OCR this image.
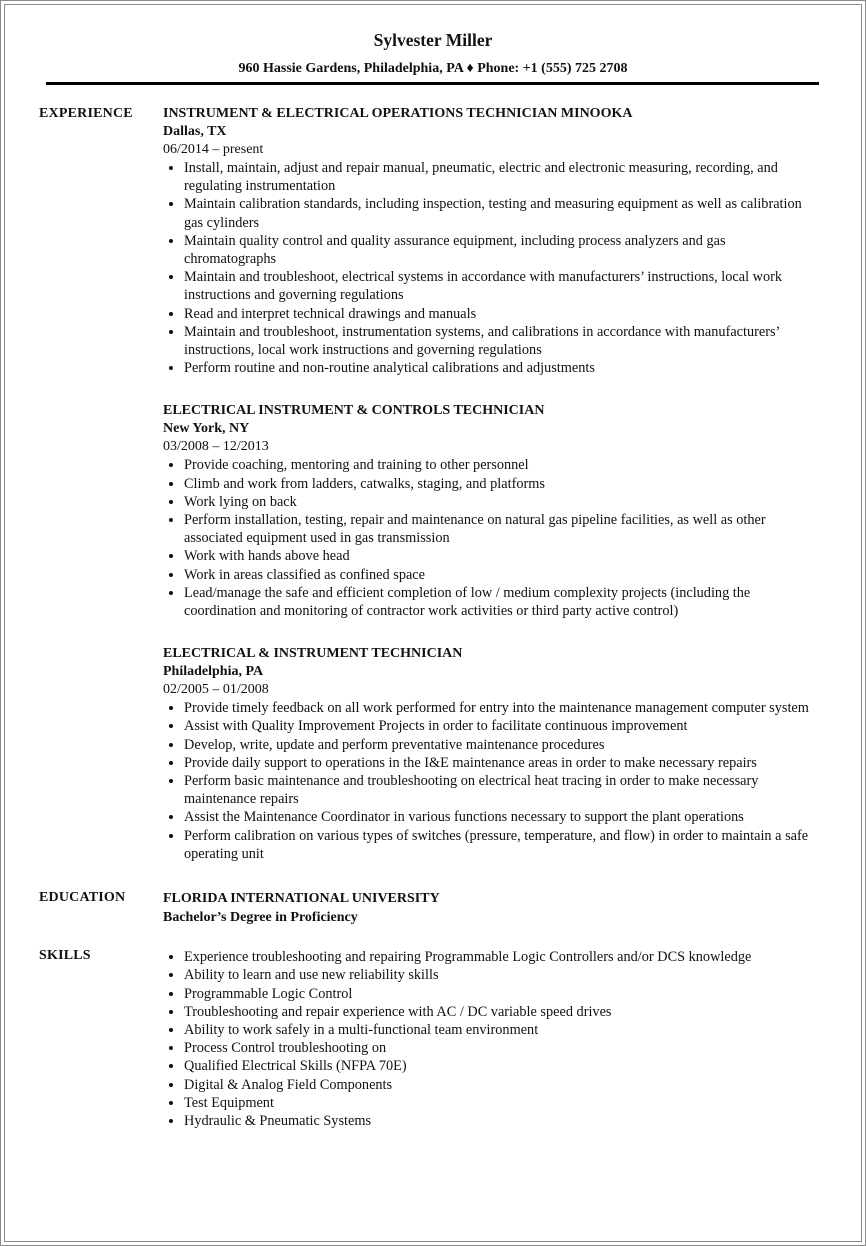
Sylvester Miller
960 Hassie Gardens, Philadelphia, PA ♦ Phone: +1 (555) 725 2708
EXPERIENCE	INSTRUMENT & ELECTRICAL OPERATIONS TECHNICIAN MINOOKA
Dallas, TX
06/2014 – present
• Install, maintain, adjust and repair manual, pneumatic, electric and electronic measuring, recording, and regulating instrumentation
• Maintain calibration standards, including inspection, testing and measuring equipment as well as calibration gas cylinders
• Maintain quality control and quality assurance equipment, including process analyzers and gas chromatographs
• Maintain and troubleshoot, electrical systems in accordance with manufacturers’ instructions, local work instructions and governing regulations
• Read and interpret technical drawings and manuals
• Maintain and troubleshoot, instrumentation systems, and calibrations in accordance with manufacturers’ instructions, local work instructions and governing regulations
• Perform routine and non-routine analytical calibrations and adjustments
ELECTRICAL INSTRUMENT & CONTROLS TECHNICIAN
New York, NY
03/2008 – 12/2013
• Provide coaching, mentoring and training to other personnel
• Climb and work from ladders, catwalks, staging, and platforms
• Work lying on back
• Perform installation, testing, repair and maintenance on natural gas pipeline facilities, as well as other associated equipment used in gas transmission
• Work with hands above head
• Work in areas classified as confined space
• Lead/manage the safe and efficient completion of low / medium complexity projects (including the coordination and monitoring of contractor work activities or third party active control)
ELECTRICAL & INSTRUMENT TECHNICIAN
Philadelphia, PA
02/2005 – 01/2008
• Provide timely feedback on all work performed for entry into the maintenance management computer system
• Assist with Quality Improvement Projects in order to facilitate continuous improvement
• Develop, write, update and perform preventative maintenance procedures
• Provide daily support to operations in the I&E maintenance areas in order to make necessary repairs
• Perform basic maintenance and troubleshooting on electrical heat tracing in order to make necessary maintenance repairs
• Assist the Maintenance Coordinator in various functions necessary to support the plant operations
• Perform calibration on various types of switches (pressure, temperature, and flow) in order to maintain a safe operating unit
EDUCATION	FLORIDA INTERNATIONAL UNIVERSITY
Bachelor’s Degree in Proficiency
SKILLS	• Experience troubleshooting and repairing Programmable Logic Controllers and/or DCS knowledge
• Ability to learn and use new reliability skills
• Programmable Logic Control
• Troubleshooting and repair experience with AC / DC variable speed drives
• Ability to work safely in a multi-functional team environment
• Process Control troubleshooting on
• Qualified Electrical Skills (NFPA 70E)
• Digital & Analog Field Components
• Test Equipment
• Hydraulic & Pneumatic Systems
